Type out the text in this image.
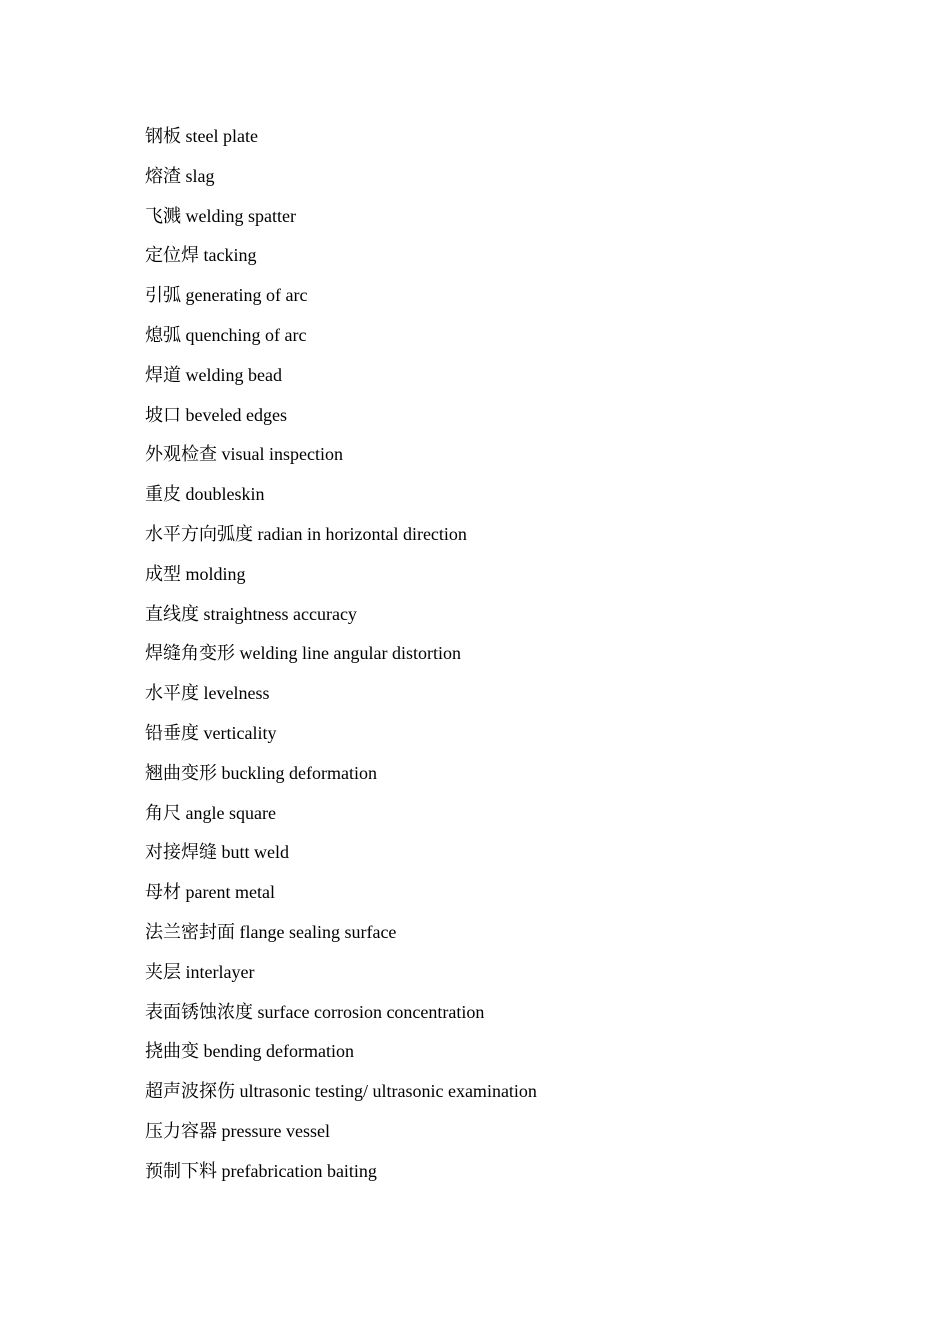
钢板 steel plate
熔渣 slag
飞溅 welding spatter
定位焊 tacking
引弧 generating of arc
熄弧 quenching of arc
焊道 welding bead
坡口 beveled edges
外观检查 visual inspection
重皮 doubleskin
水平方向弧度 radian in horizontal direction
成型 molding
直线度 straightness accuracy
焊缝角变形 welding line angular distortion
水平度 levelness
铅垂度 verticality
翘曲变形 buckling deformation
角尺 angle square
对接焊缝 butt weld
母材 parent metal
法兰密封面 flange sealing surface
夹层 interlayer
表面锈蚀浓度 surface corrosion concentration
挠曲变 bending deformation
超声波探伤 ultrasonic testing/ ultrasonic examination
压力容器 pressure vessel
预制下料 prefabrication baiting
